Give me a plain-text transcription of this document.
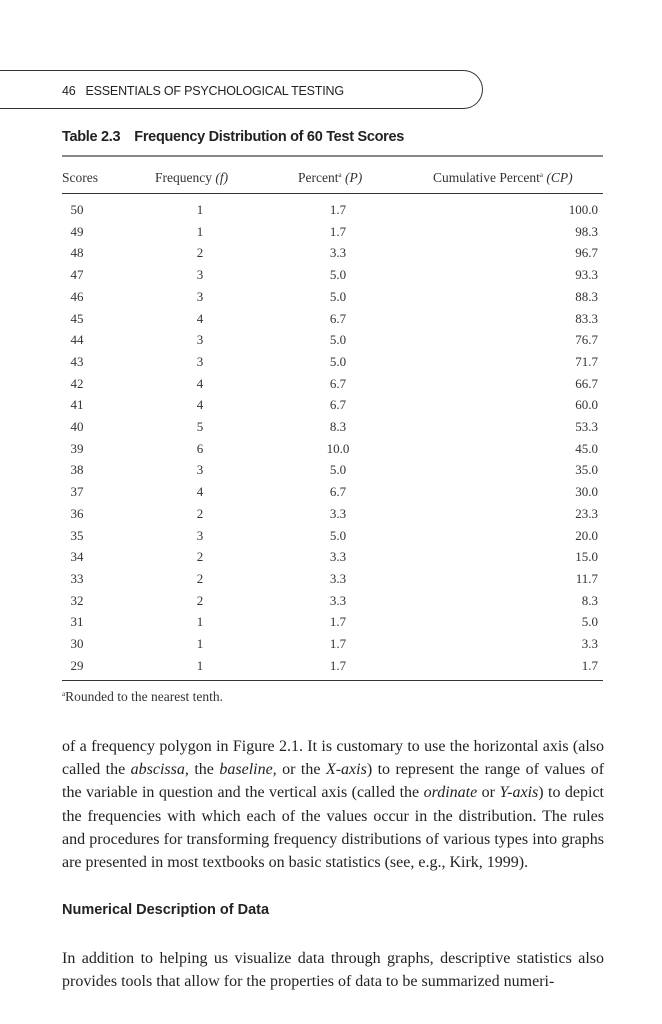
46 ESSENTIALS OF PSYCHOLOGICAL TESTING
Table 2.3 Frequency Distribution of 60 Test Scores
Scores	Frequency (f)	Percent$^a$ (P)	Cumulative Percent$^a$ (CP)
50	1	1.7	100.0
49	1	1.7	98.3
48	2	3.3	96.7
47	3	5.0	93.3
46	3	5.0	88.3
45	4	6.7	83.3
44	3	5.0	76.7
43	3	5.0	71.7
42	4	6.7	66.7
41	4	6.7	60.0
40	5	8.3	53.3
39	6	10.0	45.0
38	3	5.0	35.0
37	4	6.7	30.0
36	2	3.3	23.3
35	3	5.0	20.0
34	2	3.3	15.0
33	2	3.3	11.7
32	2	3.3	8.3
31	1	1.7	5.0
30	1	1.7	3.3
29	1	1.7	1.7
$^a$Rounded to the nearest tenth.
of a frequency polygon in Figure 2.1. It is customary to use the horizontal axis (also called the abscissa, the baseline, or the X-axis) to represent the range of values of the variable in question and the vertical axis (called the ordinate or Y-axis) to depict the frequencies with which each of the values occur in the distribution. The rules and procedures for transforming frequency distributions of various types into graphs are presented in most textbooks on basic statistics (see, e.g., Kirk, 1999).
Numerical Description of Data
In addition to helping us visualize data through graphs, descriptive statistics also provides tools that allow for the properties of data to be summarized numeri-
